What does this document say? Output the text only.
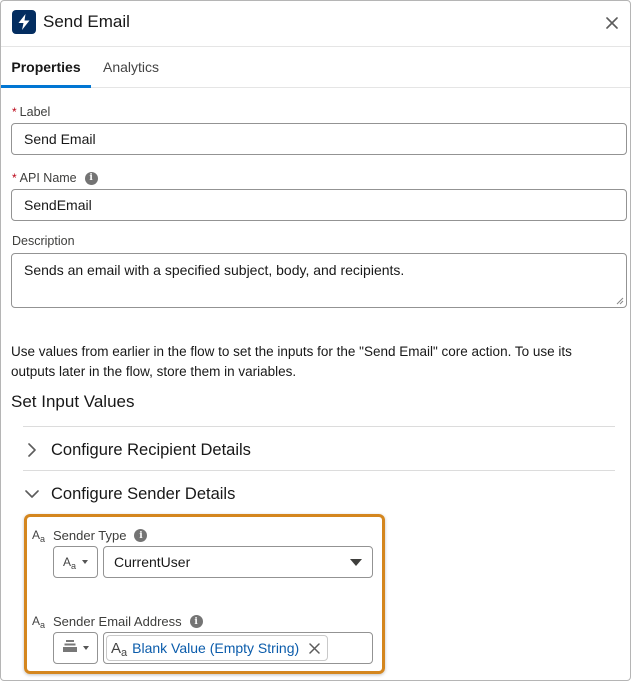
Send Email
Properties	Analytics
* Label
Send Email
* API Name	i
SendEmail
Description
Sends an email with a specified subject, body, and recipients.
Use values from earlier in the flow to set the inputs for the "Send Email" core action. To use its outputs later in the flow, store them in variables.
Set Input Values
Configure Recipient Details
Configure Sender Details
$A_a$ Sender Type	i
$A_a$	CurrentUser
$A_a$ Sender Email Address	i
$A_a$ Blank Value (Empty String)
